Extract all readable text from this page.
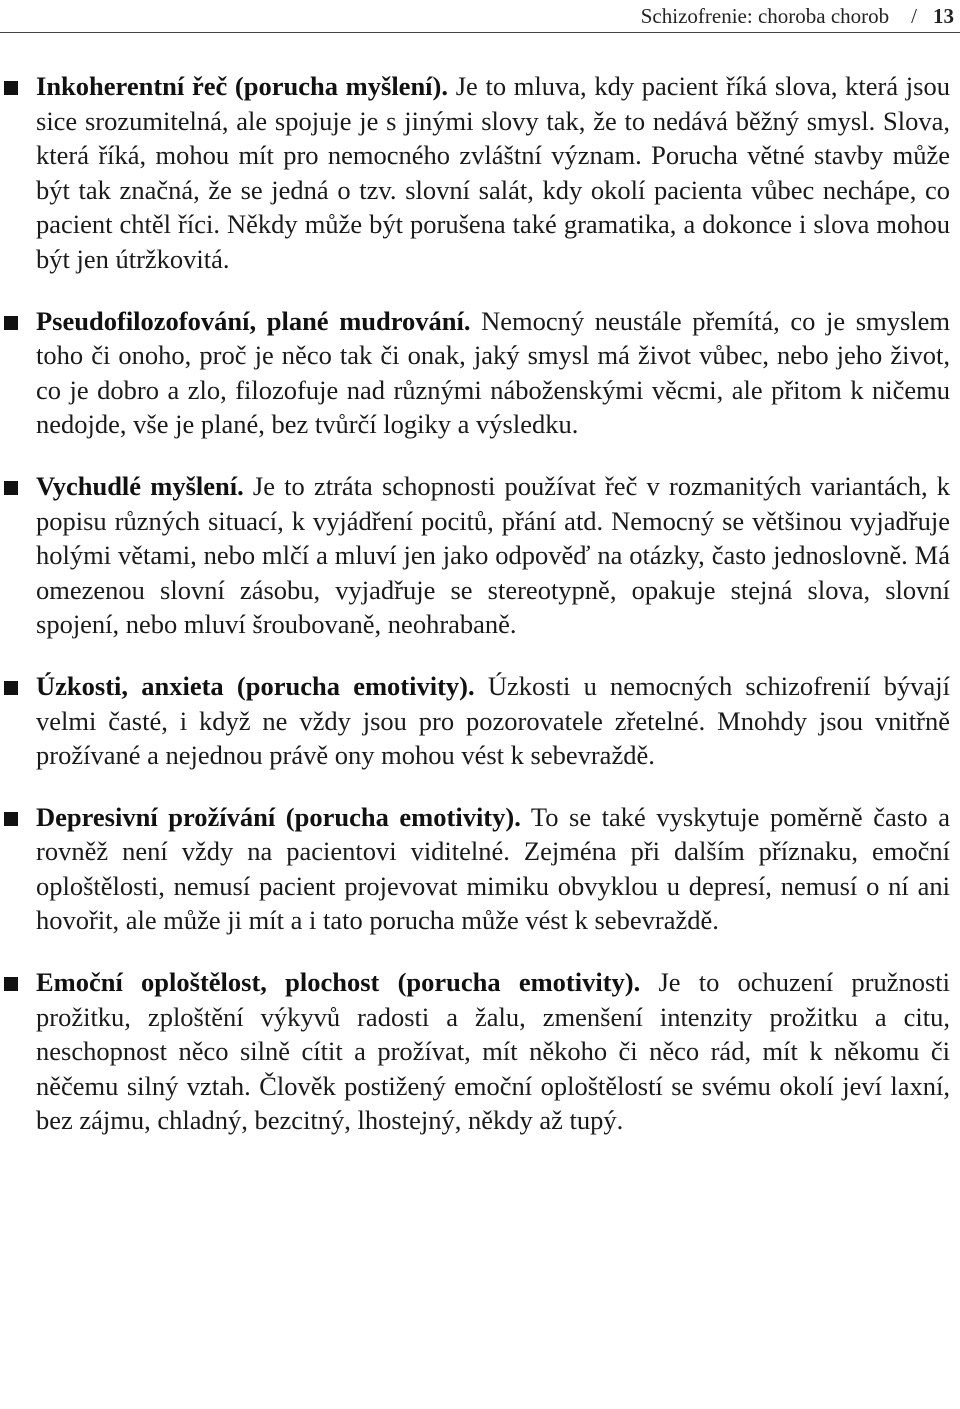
Schizofrenie: choroba chorob / 13

Inkoherentní řeč (porucha myšlení). Je to mluva, kdy pacient říká slova, která jsou sice srozumitelná, ale spojuje je s jinými slovy tak, že to nedává běžný smysl. Slova, která říká, mohou mít pro nemocného zvláštní význam. Porucha větné stavby může být tak značná, že se jedná o tzv. slovní salát, kdy okolí pacienta vůbec nechápe, co pacient chtěl říci. Někdy může být porušena také gramatika, a dokonce i slova mohou být jen útržkovitá.

Pseudofilozofování, plané mudrování. Nemocný neustále přemítá, co je smyslem toho či onoho, proč je něco tak či onak, jaký smysl má život vůbec, nebo jeho život, co je dobro a zlo, filozofuje nad různými náboženskými věcmi, ale přitom k ničemu nedojde, vše je plané, bez tvůrčí logiky a výsledku.

Vychudlé myšlení. Je to ztráta schopnosti používat řeč v rozmanitých variantách, k popisu různých situací, k vyjádření pocitů, přání atd. Nemocný se většinou vyjadřuje holými větami, nebo mlčí a mluví jen jako odpověď na otázky, často jednoslovně. Má omezenou slovní zásobu, vyjadřuje se stereotypně, opakuje stejná slova, slovní spojení, nebo mluví šroubovaně, neohrabaně.

Úzkosti, anxieta (porucha emotivity). Úzkosti u nemocných schizofrenií bývají velmi časté, i když ne vždy jsou pro pozorovatele zřetelné. Mnohdy jsou vnitřně prožívané a nejednou právě ony mohou vést k sebevraždě.

Depresivní prožívání (porucha emotivity). To se také vyskytuje poměrně často a rovněž není vždy na pacientovi viditelné. Zejména při dalším příznaku, emoční oploštělosti, nemusí pacient projevovat mimiku obvyklou u depresí, nemusí o ní ani hovořit, ale může ji mít a i tato porucha může vést k sebevraždě.

Emoční oploštělost, plochost (porucha emotivity). Je to ochuzení pružnosti prožitku, zploštění výkyvů radosti a žalu, zmenšení intenzity prožitku a citu, neschopnost něco silně cítit a prožívat, mít někoho či něco rád, mít k někomu či něčemu silný vztah. Člověk postižený emoční oploštělostí se svému okolí jeví laxní, bez zájmu, chladný, bezcitný, lhostejný, někdy až tupý.
